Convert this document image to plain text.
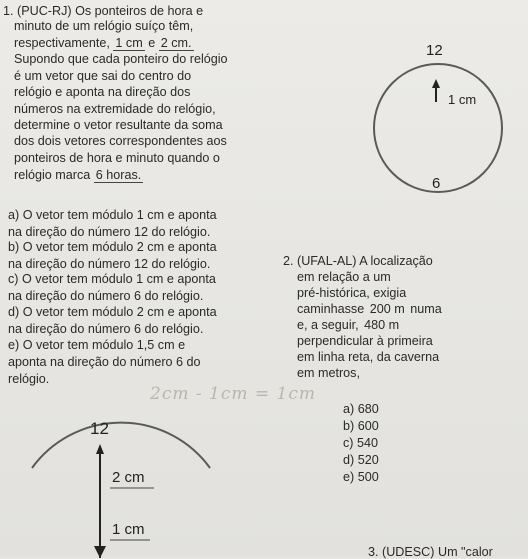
1. (PUC-RJ) Os ponteiros de hora e
minuto de um relógio suíço têm,
respectivamente, 1 cm e 2 cm.
Supondo que cada ponteiro do relógio
é um vetor que sai do centro do
relógio e aponta na direção dos
números na extremidade do relógio,
determine o vetor resultante da soma
dos dois vetores correspondentes aos
ponteiros de hora e minuto quando o
relógio marca 6 horas.
12
1 cm
6
a) O vetor tem módulo 1 cm e aponta
na direção do número 12 do relógio.
b) O vetor tem módulo 2 cm e aponta
na direção do número 12 do relógio.
c) O vetor tem módulo 1 cm e aponta
na direção do número 6 do relógio.
d) O vetor tem módulo 2 cm e aponta
na direção do número 6 do relógio.
e) O vetor tem módulo 1,5 cm e
aponta na direção do número 6 do
relógio.
2cm - 1cm = 1cm
12
2 cm
1 cm
2. (UFAL-AL) A localização
em relação a um
pré-histórica, exigia
caminhasse 200 m numa
e, a seguir, 480 m
perpendicular à primeira
em linha reta, da caverna
em metros,
a) 680
b) 600
c) 540
d) 520
e) 500
3. (UDESC) Um "calor
